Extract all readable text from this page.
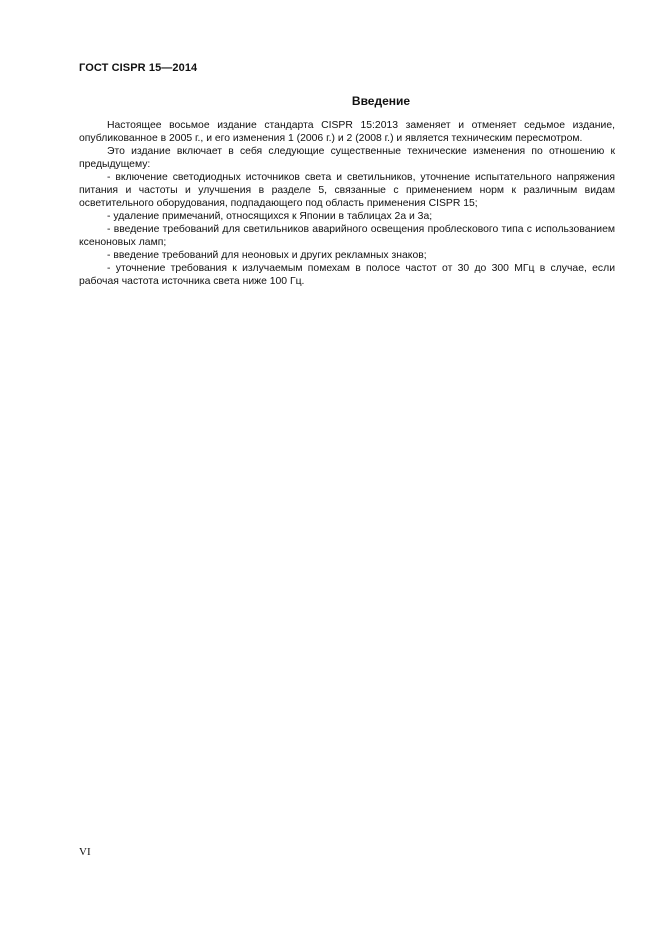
ГОСТ CISPR 15—2014
Введение

Настоящее восьмое издание стандарта CISPR 15:2013 заменяет и отменяет седьмое издание, опубликованное в 2005 г., и его изменения 1 (2006 г.) и 2 (2008 г.) и является техническим пересмотром.

Это издание включает в себя следующие существенные технические изменения по отношению к предыдущему:

- включение светодиодных источников света и светильников, уточнение испытательного напряжения питания и частоты и улучшения в разделе 5, связанные с применением норм к различным видам осветительного оборудования, подпадающего под область применения CISPR 15;

- удаление примечаний, относящихся к Японии в таблицах 2а и 3а;

- введение требований для светильников аварийного освещения проблескового типа с использованием ксеноновых ламп;

- введение требований для неоновых и других рекламных знаков;

- уточнение требования к излучаемым помехам в полосе частот от 30 до 300 МГц в случае, если рабочая частота источника света ниже 100 Гц.

VI
